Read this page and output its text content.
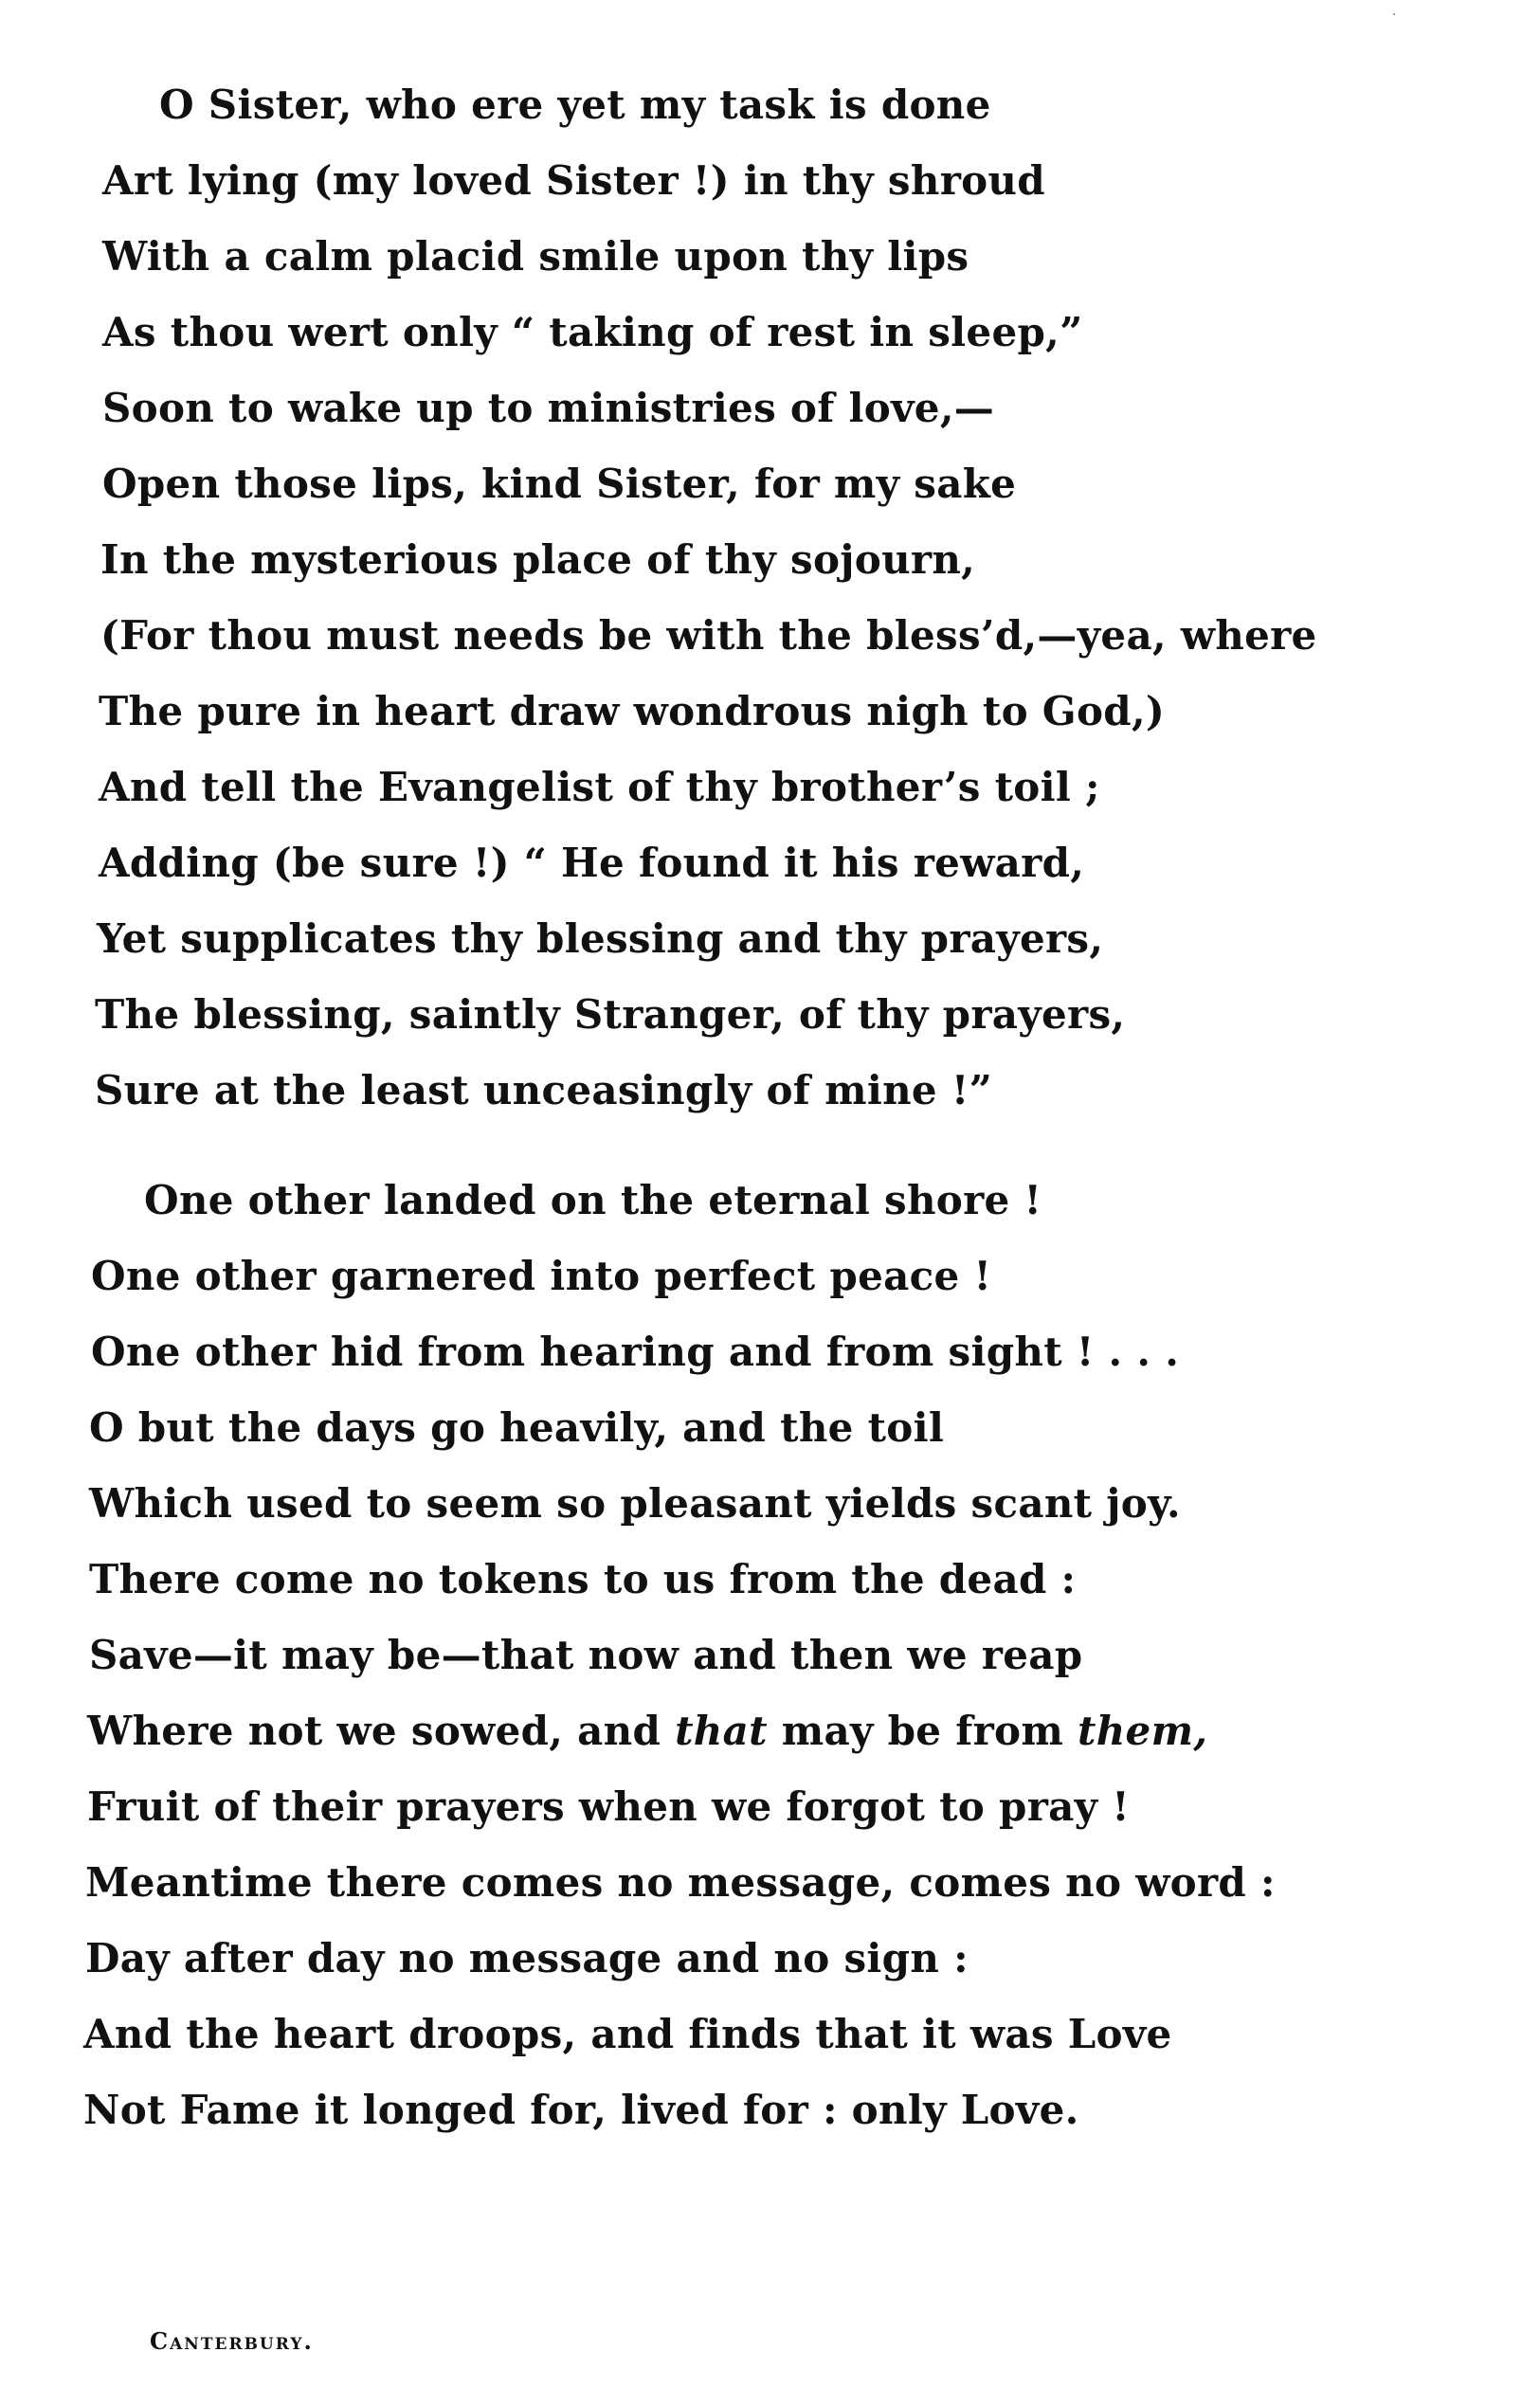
O Sister, who ere yet my task is done
Art lying (my loved Sister !) in thy shroud
With a calm placid smile upon thy lips
As thou wert only “ taking of rest in sleep,”
Soon to wake up to ministries of love,—
Open those lips, kind Sister, for my sake
In the mysterious place of thy sojourn,
(For thou must needs be with the bless’d,—yea, where
The pure in heart draw wondrous nigh to God,)
And tell the Evangelist of thy brother’s toil ;
Adding (be sure !) “ He found it his reward,
Yet supplicates thy blessing and thy prayers,
The blessing, saintly Stranger, of thy prayers,
Sure at the least unceasingly of mine !”
One other landed on the eternal shore !
One other garnered into perfect peace !
One other hid from hearing and from sight ! . . .
O but the days go heavily, and the toil
Which used to seem so pleasant yields scant joy.
There come no tokens to us from the dead :
Save—it may be—that now and then we reap
Where not we sowed, and that may be from them,
Fruit of their prayers when we forgot to pray !
Meantime there comes no message, comes no word :
Day after day no message and no sign :
And the heart droops, and finds that it was Love
Not Fame it longed for, lived for : only Love.
Canterbury.
